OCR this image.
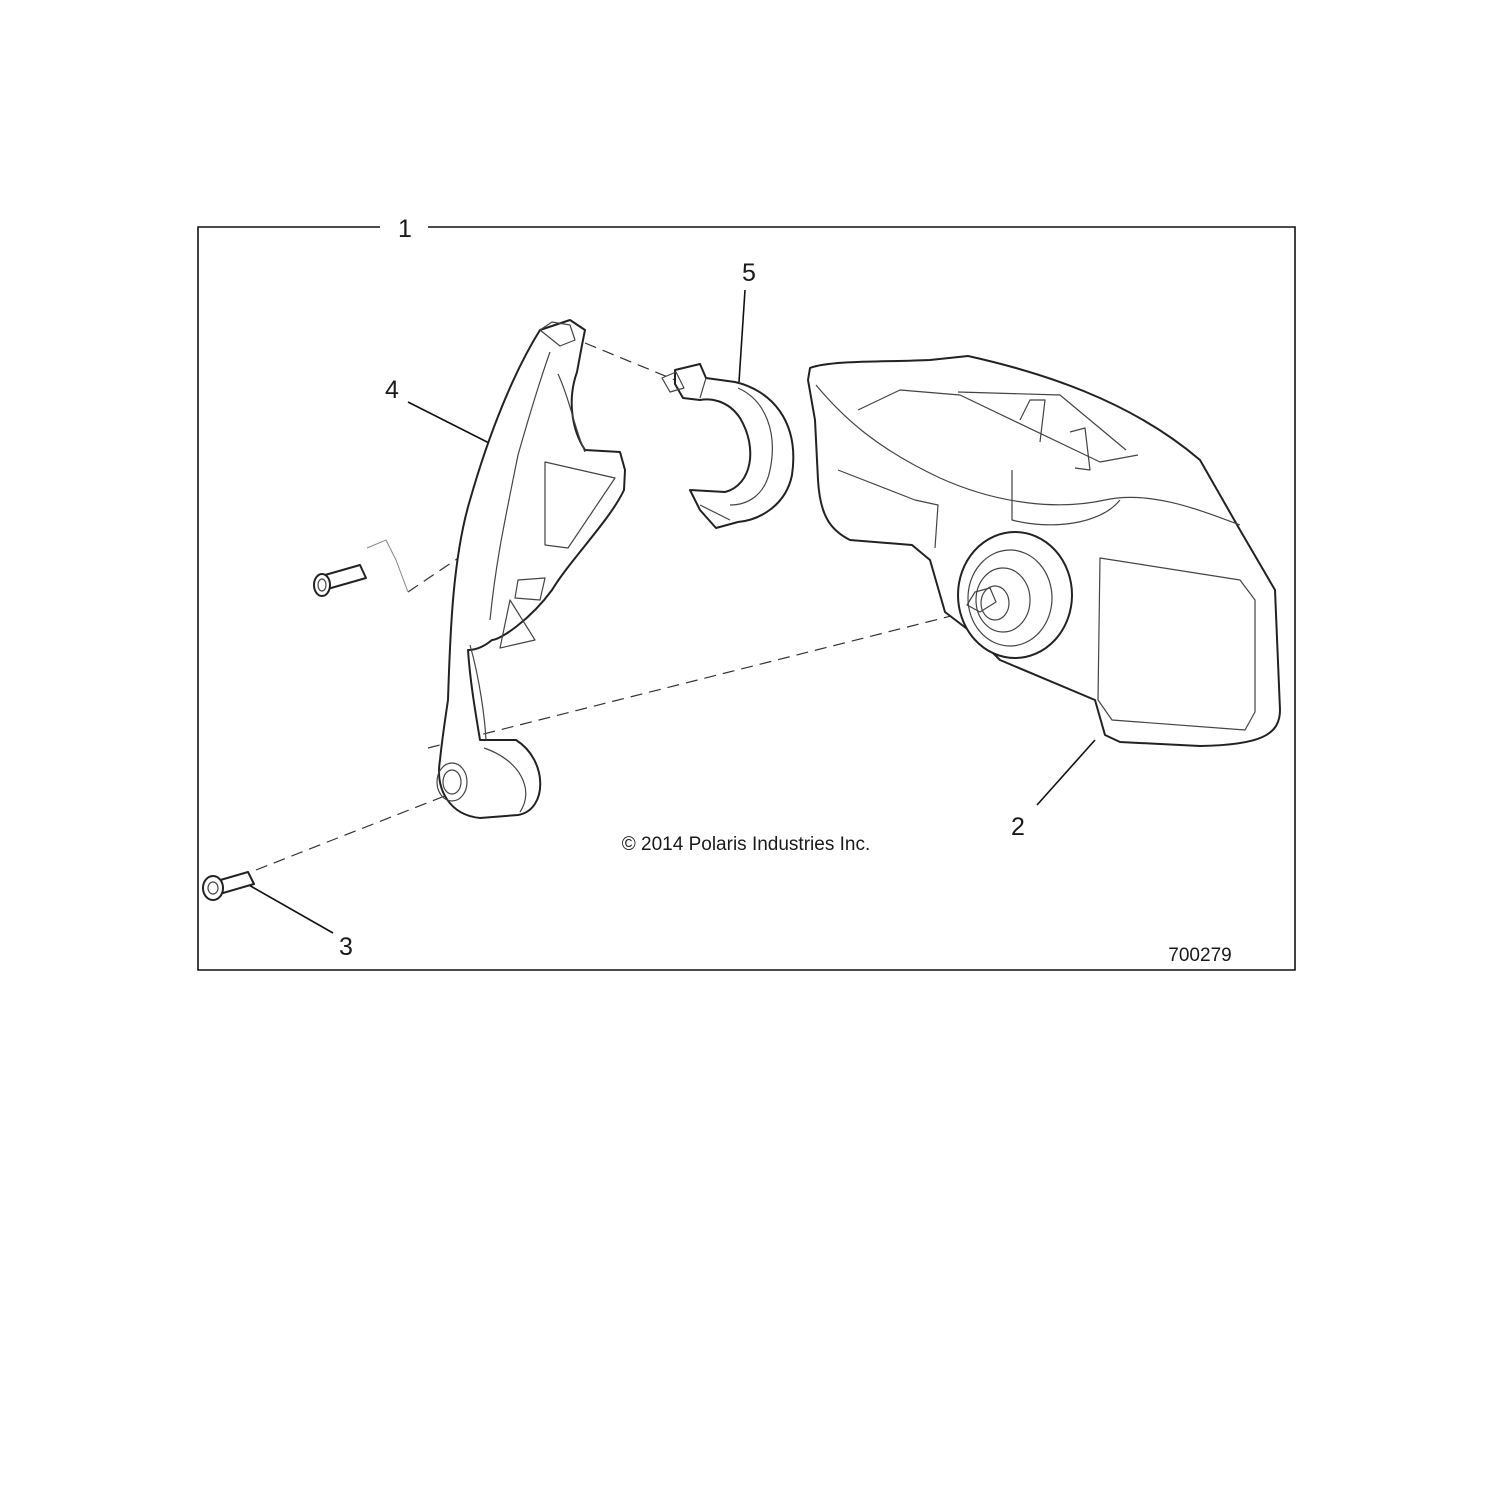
1
5
4
2
3
© 2014 Polaris Industries Inc.
700279
